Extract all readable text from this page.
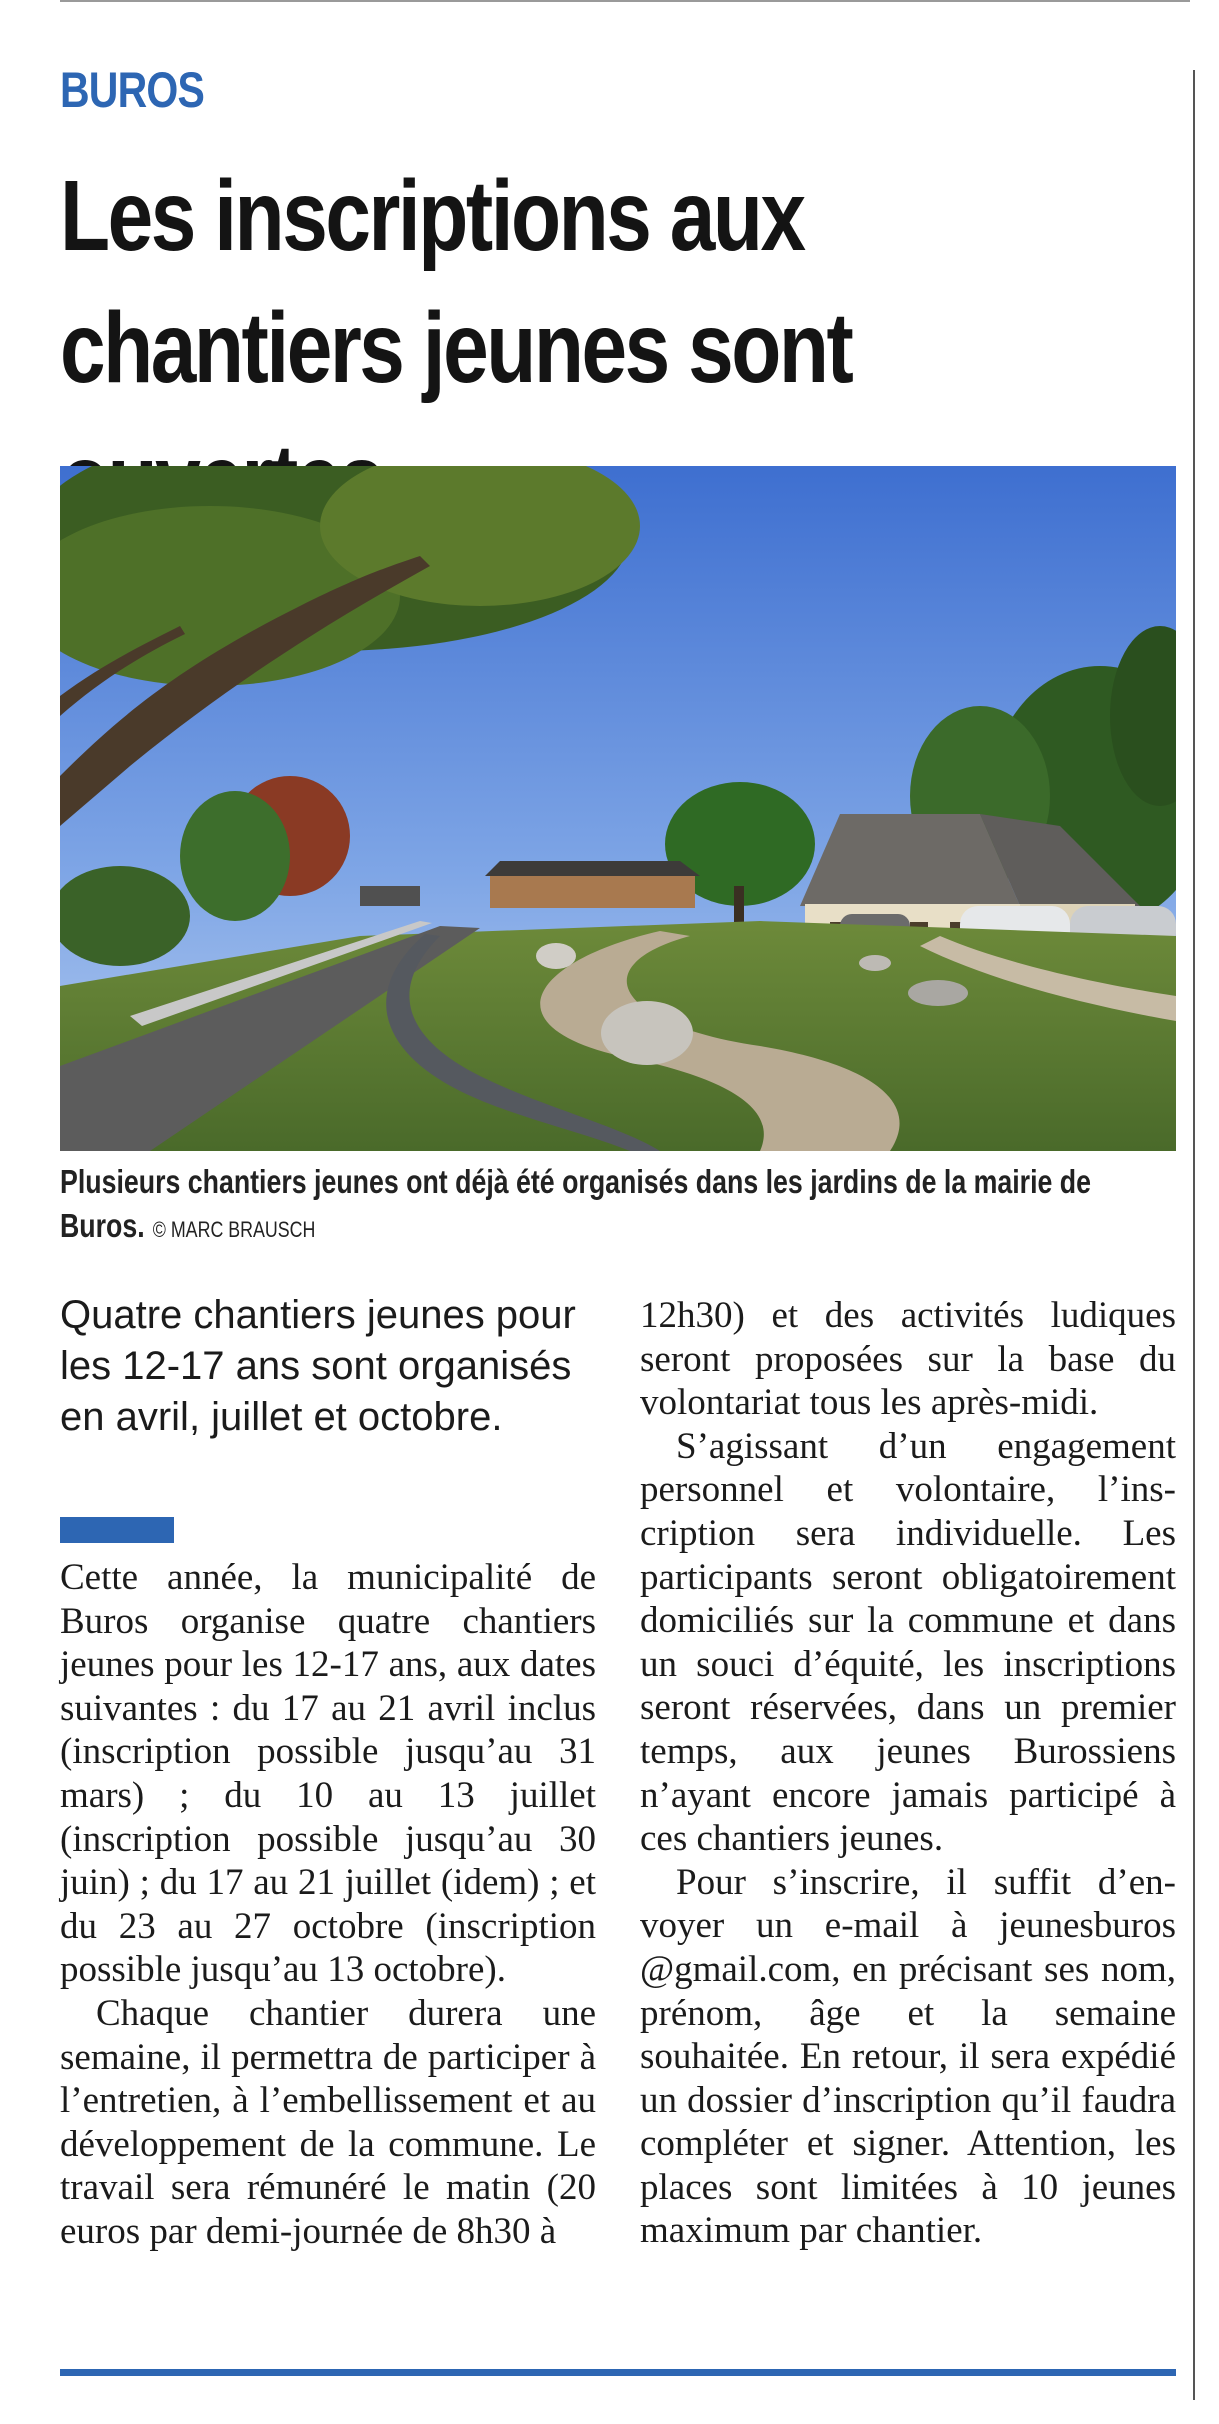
BUROS
Les inscriptions aux chantiers jeunes sont
Plusieurs chantiers jeunes ont déjà été organisés dans les jardins de la mairie de Buros. © MARC BRAUSCH
Quatre chantiers jeunes pour les 12-17 ans sont organisés en avril, juillet et octobre.

Cette année, la municipalité de Buros organise quatre chantiers jeunes pour les 12-17 ans, aux dates suivantes : du 17 au 21 avril inclus (inscription possible jusqu’au 31 mars) ; du 10 au 13 juillet (inscription possible jusqu’au 30 juin) ; du 17 au 21 juillet (idem) ; et du 23 au 27 octobre (inscription possible jusqu’au 13 octobre).

Chaque chantier durera une semaine, il permettra de participer à l’entretien, à l’embellissement et au développement de la commune. Le travail sera rémunéré le matin (20 euros par demi-journée de 8h30 à

12h30) et des activités ludiques seront proposées sur la base du volontariat tous les après-midi.

S’agissant d’un engagement personnel et volontaire, l’inscription sera individuelle. Les participants seront obligatoirement domiciliés sur la commune et dans un souci d’équité, les inscriptions seront réservées, dans un premier temps, aux jeunes Burossiens n’ayant encore jamais participé à ces chantiers jeunes.

Pour s’inscrire, il suffit d’envoyer un e-mail à jeunesburos @gmail.com, en précisant ses nom, prénom, âge et la semaine souhaitée. En retour, il sera expédié un dossier d’inscription qu’il faudra compléter et signer. Attention, les places sont limitées à 10 jeunes maximum par chantier.
